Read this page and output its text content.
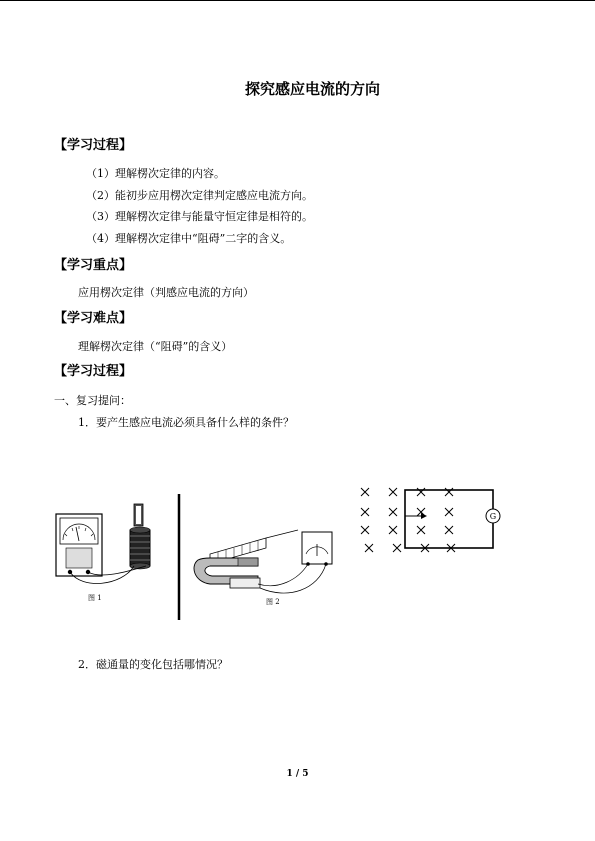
探究感应电流的方向
【学习过程】
（1）理解楞次定律的内容。
（2）能初步应用楞次定律判定感应电流方向。
（3）理解楞次定律与能量守恒定律是相符的。
（4）理解楞次定律中“阻碍”二字的含义。
【学习重点】
应用楞次定律（判感应电流的方向）
【学习难点】
理解楞次定律（“阻碍”的含义）
【学习过程】
一、复习提问：
1．要产生感应电流必须具备什么样的条件？
图 1	图 2
G
2．磁通量的变化包括哪情况？
1 / 5
